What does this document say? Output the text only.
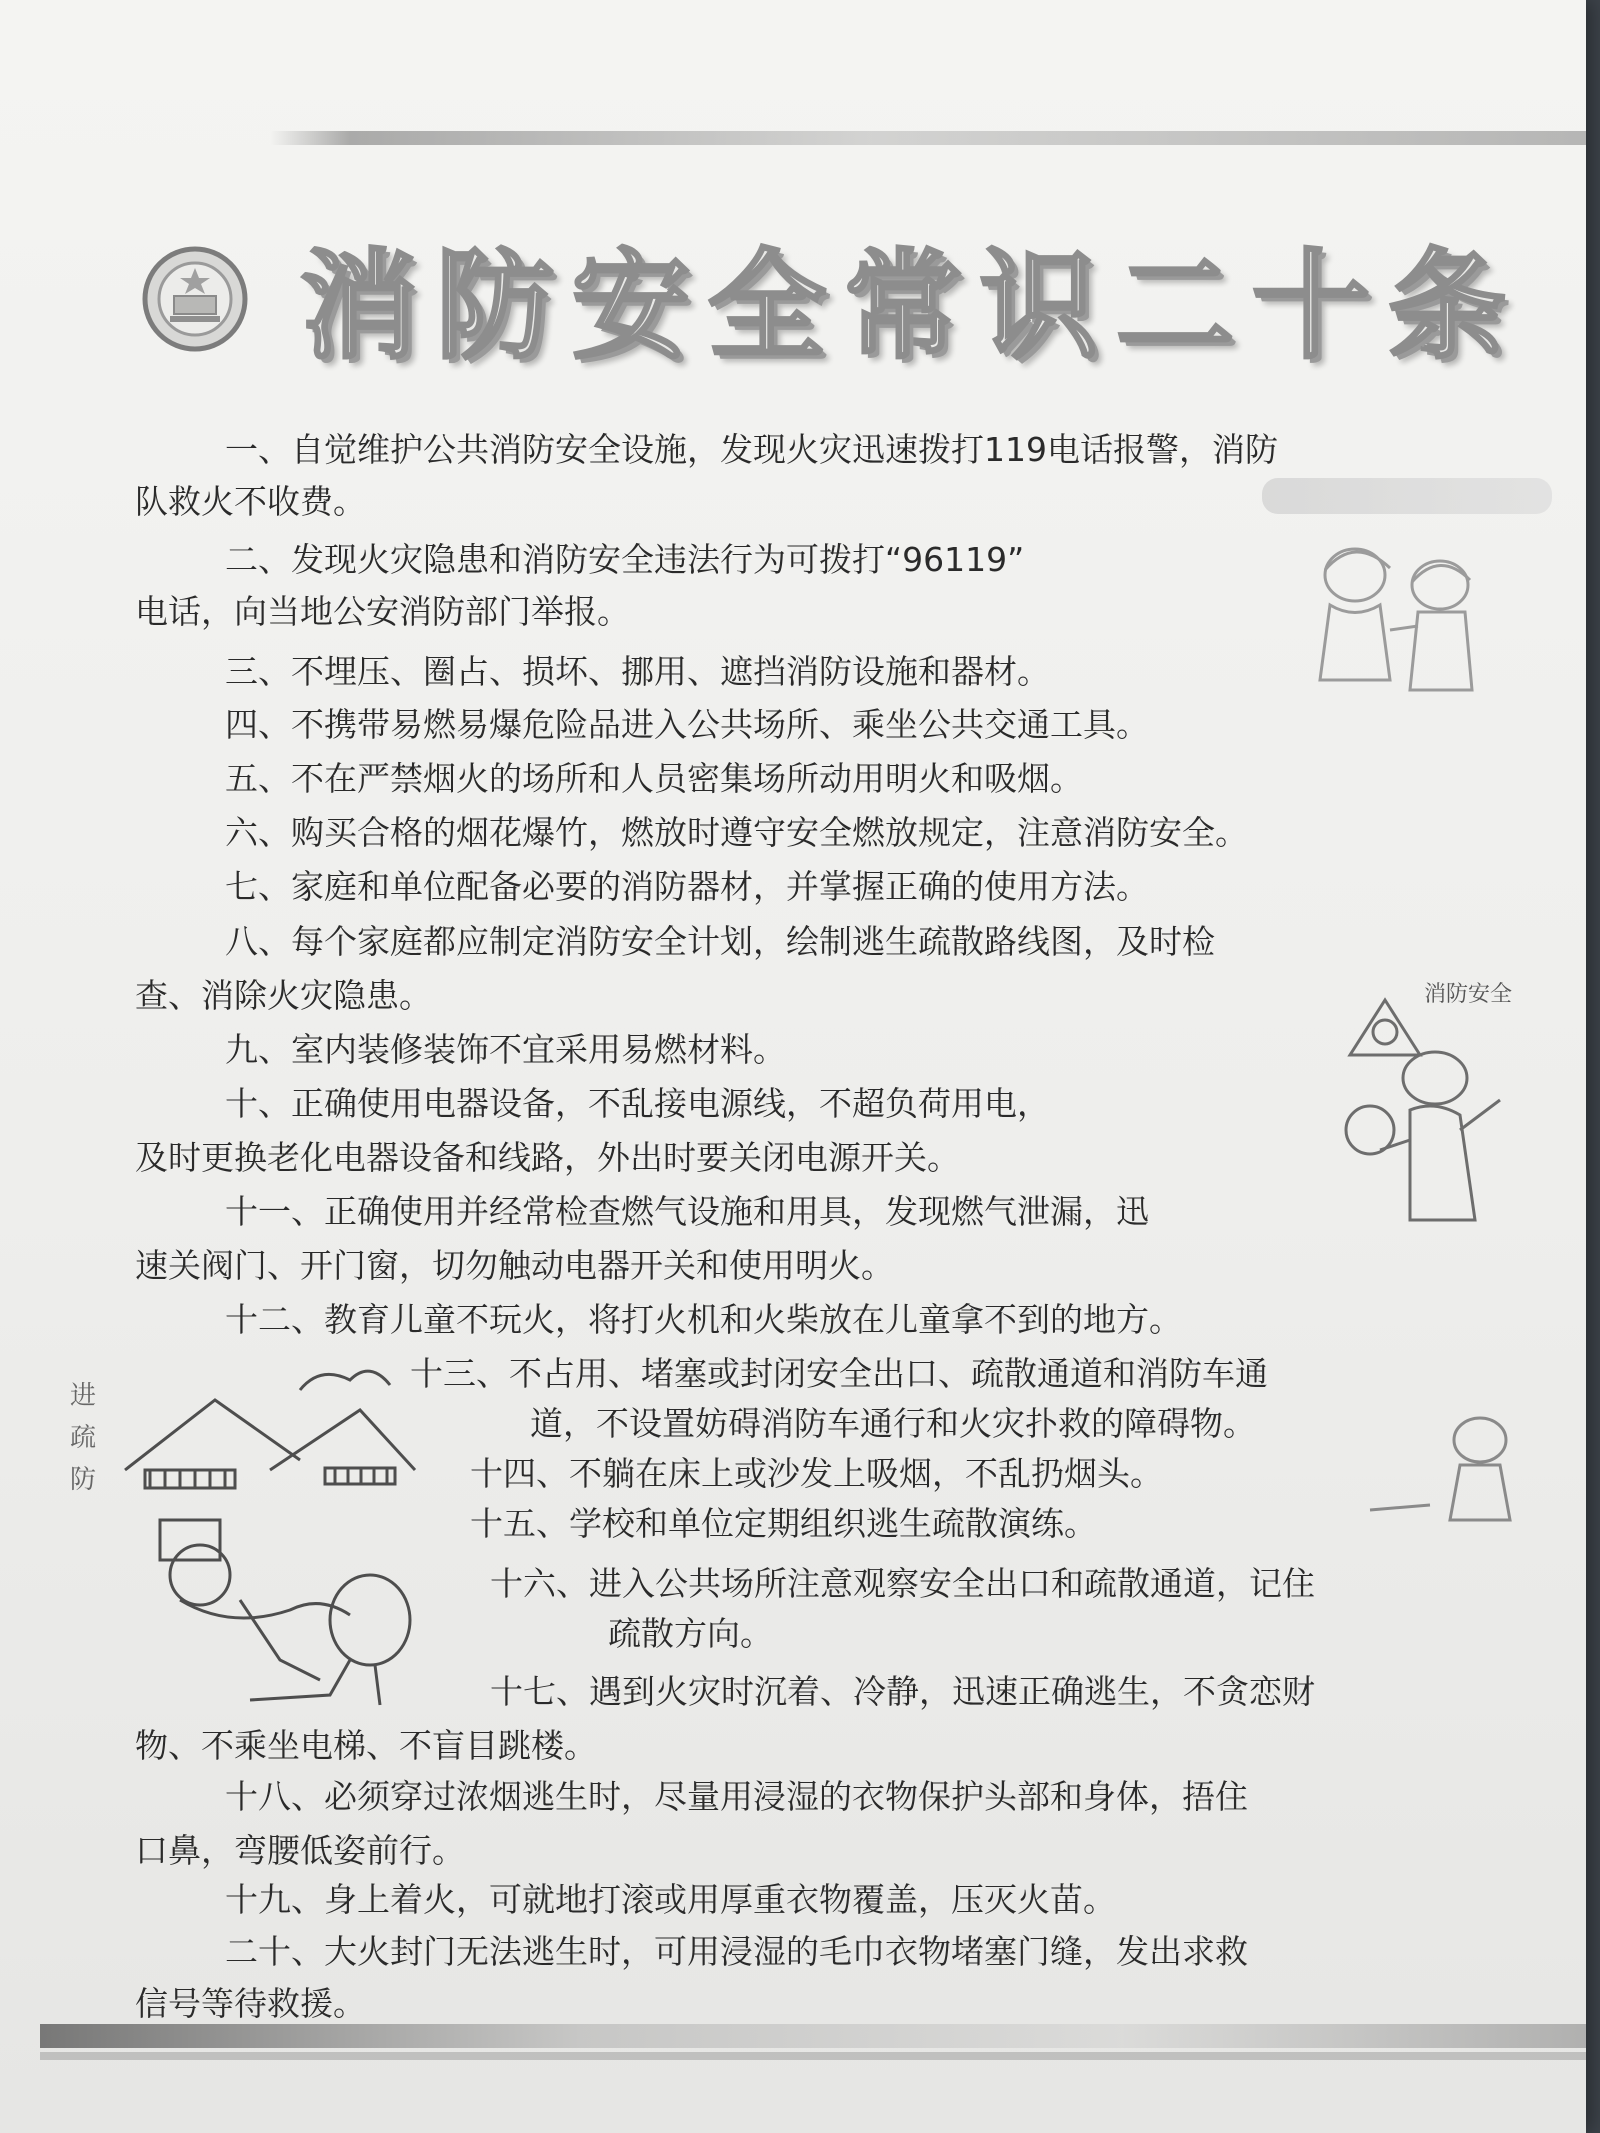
消防安全常识二十条
消防安全
进疏防
一、自觉维护公共消防安全设施，发现火灾迅速拨打119电话报警，消防
队救火不收费。
二、发现火灾隐患和消防安全违法行为可拨打“96119”
电话，向当地公安消防部门举报。
三、不埋压、圈占、损坏、挪用、遮挡消防设施和器材。
四、不携带易燃易爆危险品进入公共场所、乘坐公共交通工具。
五、不在严禁烟火的场所和人员密集场所动用明火和吸烟。
六、购买合格的烟花爆竹，燃放时遵守安全燃放规定，注意消防安全。
七、家庭和单位配备必要的消防器材，并掌握正确的使用方法。
八、每个家庭都应制定消防安全计划，绘制逃生疏散路线图，及时检
查、消除火灾隐患。
九、室内装修装饰不宜采用易燃材料。
十、正确使用电器设备，不乱接电源线，不超负荷用电，
及时更换老化电器设备和线路，外出时要关闭电源开关。
十一、正确使用并经常检查燃气设施和用具，发现燃气泄漏，迅
速关阀门、开门窗，切勿触动电器开关和使用明火。
十二、教育儿童不玩火，将打火机和火柴放在儿童拿不到的地方。
十三、不占用、堵塞或封闭安全出口、疏散通道和消防车通
道，不设置妨碍消防车通行和火灾扑救的障碍物。
十四、不躺在床上或沙发上吸烟，不乱扔烟头。
十五、学校和单位定期组织逃生疏散演练。
十六、进入公共场所注意观察安全出口和疏散通道，记住
疏散方向。
十七、遇到火灾时沉着、冷静，迅速正确逃生，不贪恋财
物、不乘坐电梯、不盲目跳楼。
十八、必须穿过浓烟逃生时，尽量用浸湿的衣物保护头部和身体，捂住
口鼻，弯腰低姿前行。
十九、身上着火，可就地打滚或用厚重衣物覆盖，压灭火苗。
二十、大火封门无法逃生时，可用浸湿的毛巾衣物堵塞门缝，发出求救
信号等待救援。
